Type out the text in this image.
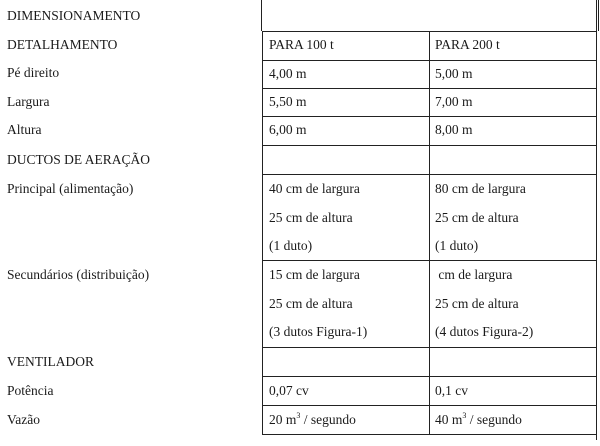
DIMENSIONAMENTO
DETALHAMENTO
Pé direito
Largura
Altura
DUCTOS DE AERAÇÃO
Principal (alimentação)
Secundários (distribuição)
VENTILADOR
Potência
Vazão
PARA 100 t
4,00 m
5,50 m
6,00 m
40 cm de largura
25 cm de altura
(1 duto)
15 cm de largura
25 cm de altura
(3 dutos Figura-1)
0,07 cv
20 $m^3$ / segundo
PARA 200 t
5,00 m
7,00 m
8,00 m
80 cm de largura
25 cm de altura
(1 duto)
cm de largura
25 cm de altura
(4 dutos Figura-2)
0,1 cv
40 $m^3$ / segundo
